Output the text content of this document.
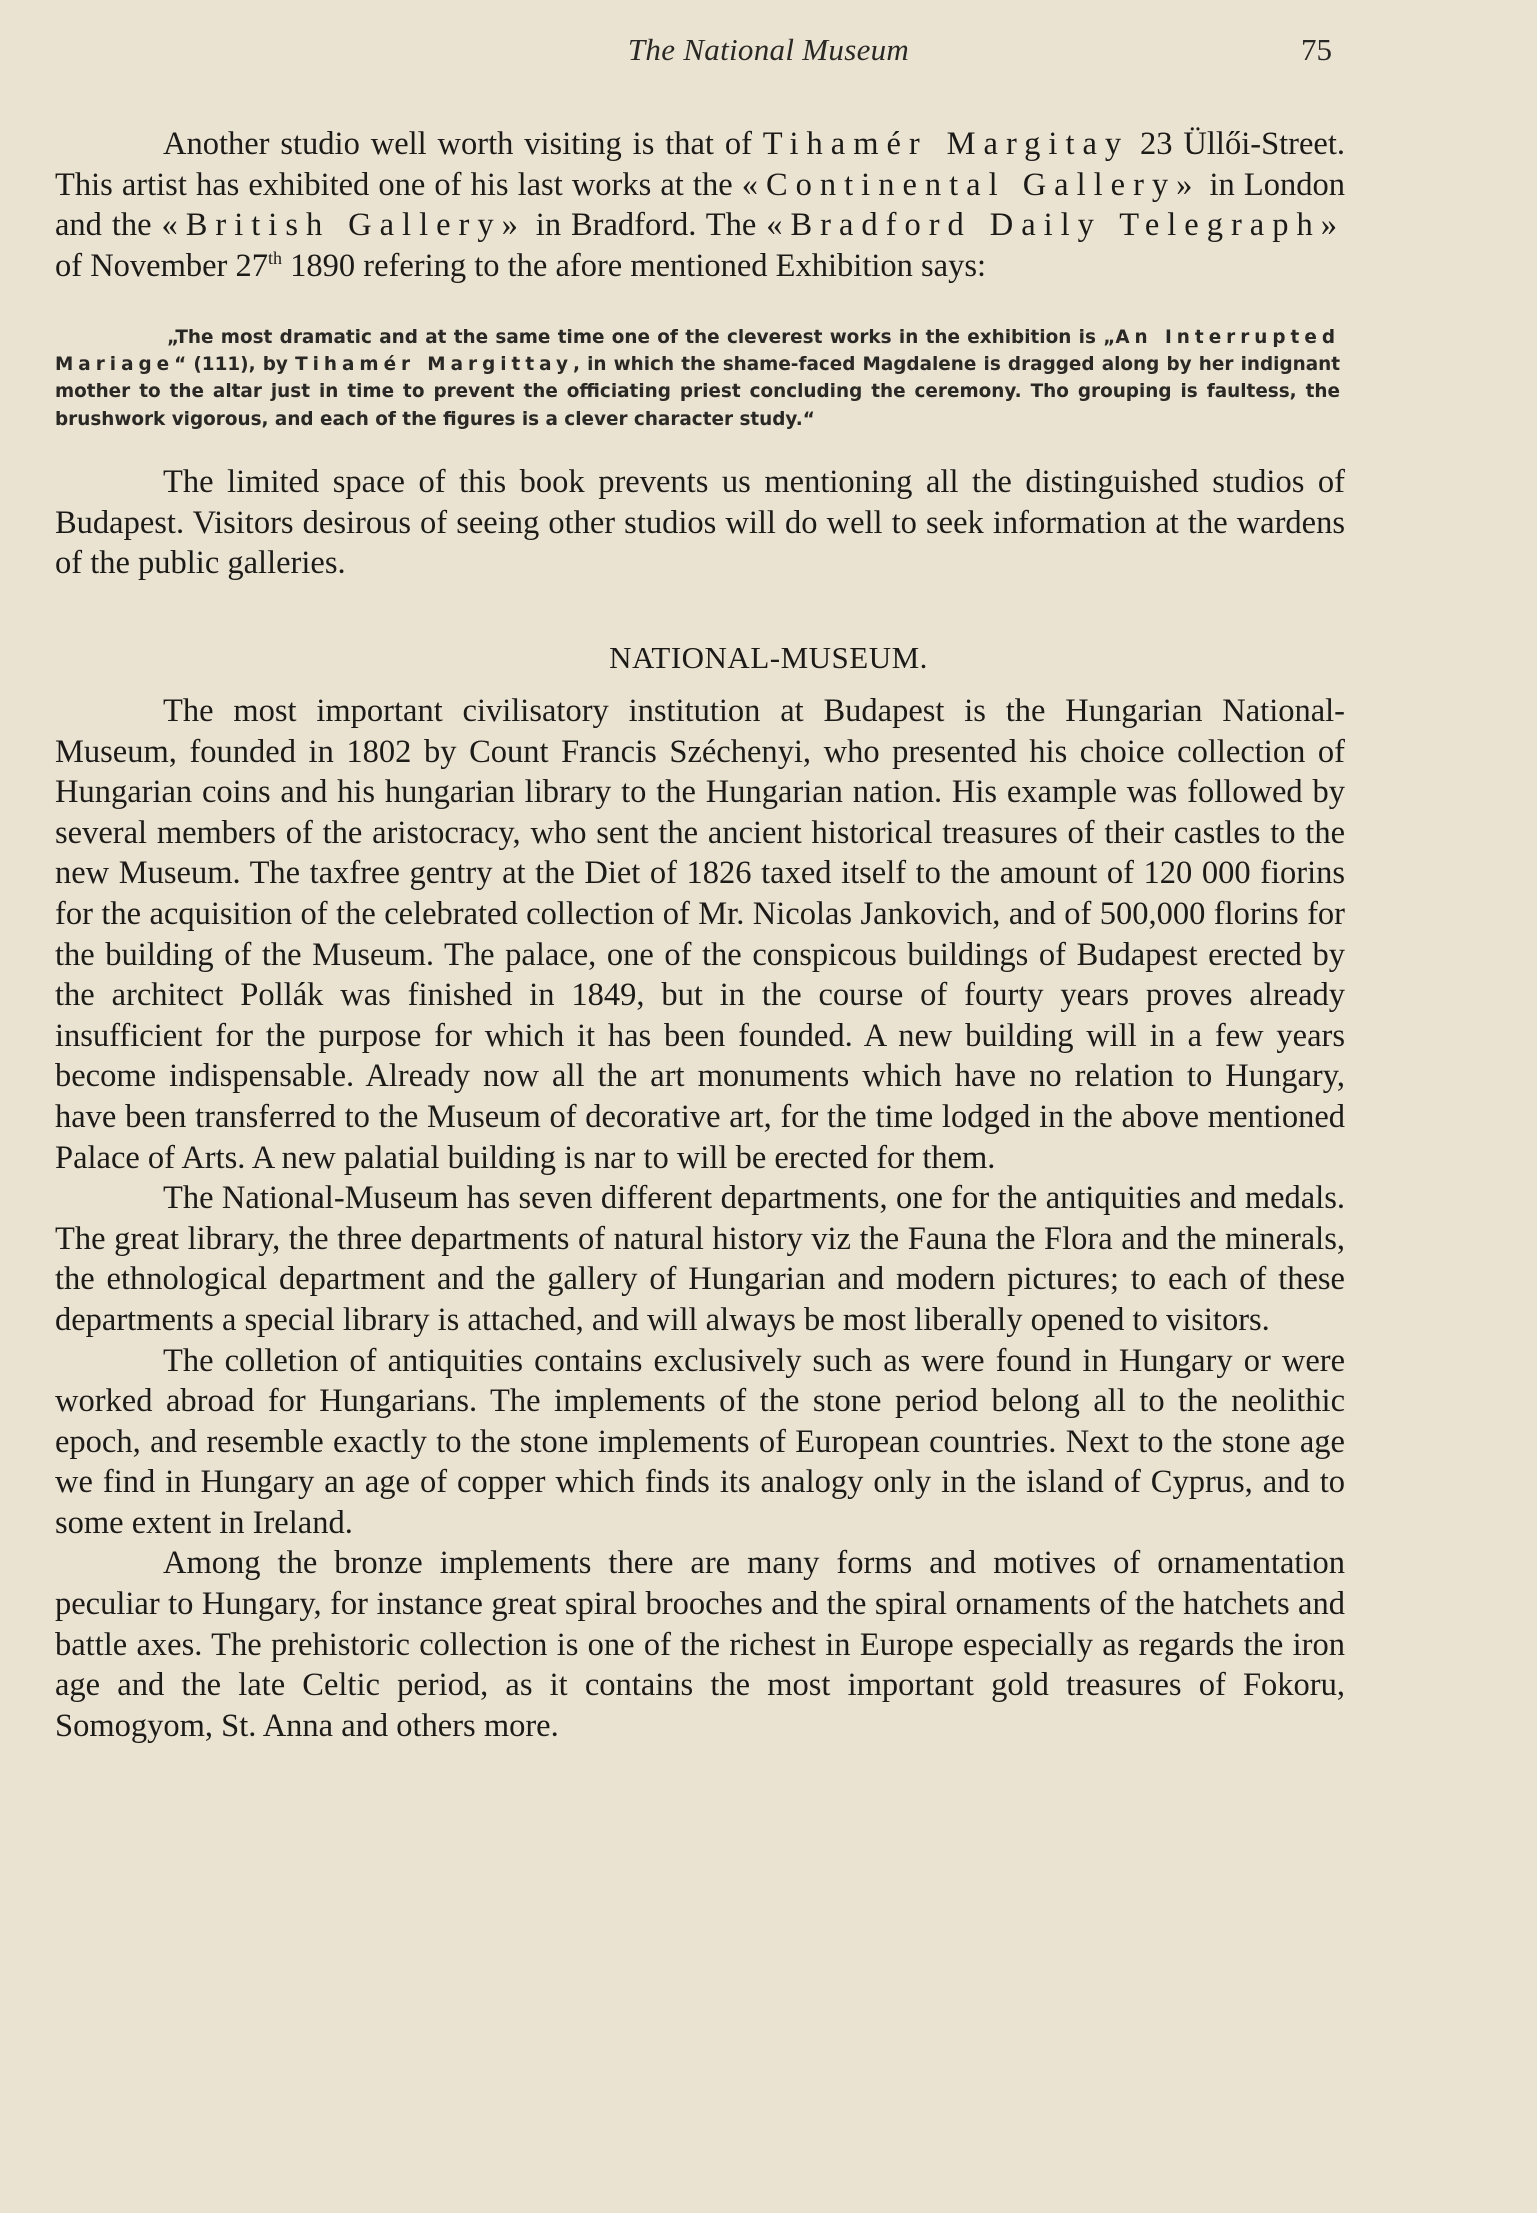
The National Museum	75

Another studio well worth visiting is that of Tihamér Margitay 23 Üllői-Street. This artist has exhibited one of his last works at the «Continental Gallery» in London and the «British Gallery» in Bradford. The «Bradford Daily Telegraph» of November 27th 1890 refering to the afore mentioned Exhibition says:

„The most dramatic and at the same time one of the cleverest works in the exhibition is „An Interrupted Mariage“ (111), by Tihamér Margittay, in which the shame-faced Magdalene is dragged along by her indignant mother to the altar just in time to prevent the officiating priest concluding the ceremony. Tho grouping is faultess, the brushwork vigorous, and each of the figures is a clever character study.“

The limited space of this book prevents us mentioning all the distinguished studios of Budapest. Visitors desirous of seeing other studios will do well to seek information at the wardens of the public galleries.

NATIONAL-MUSEUM.

The most important civilisatory institution at Budapest is the Hungarian National-Museum, founded in 1802 by Count Francis Széchenyi, who presented his choice collection of Hungarian coins and his hungarian library to the Hungarian nation. His example was followed by several members of the aristocracy, who sent the ancient historical treasures of their castles to the new Museum. The taxfree gentry at the Diet of 1826 taxed itself to the amount of 120 000 fiorins for the acquisition of the celebrated collection of Mr. Nicolas Jankovich, and of 500,000 florins for the building of the Museum. The palace, one of the conspicous buildings of Budapest erected by the architect Pollák was finished in 1849, but in the course of fourty years proves already insufficient for the purpose for which it has been founded. A new building will in a few years become indispensable. Already now all the art monuments which have no relation to Hungary, have been transferred to the Museum of decorative art, for the time lodged in the above mentioned Palace of Arts. A new palatial building is nar to will be erected for them.

The National-Museum has seven different departments, one for the antiquities and medals. The great library, the three departments of natural history viz the Fauna the Flora and the minerals, the ethnological department and the gallery of Hungarian and modern pictures; to each of these departments a special library is attached, and will always be most liberally opened to visitors.

The colletion of antiquities contains exclusively such as were found in Hungary or were worked abroad for Hungarians. The implements of the stone period belong all to the neolithic epoch, and resemble exactly to the stone implements of European countries. Next to the stone age we find in Hungary an age of copper which finds its analogy only in the island of Cyprus, and to some extent in Ireland.

Among the bronze implements there are many forms and motives of ornamentation peculiar to Hungary, for instance great spiral brooches and the spiral ornaments of the hatchets and battle axes. The prehistoric collection is one of the richest in Europe especially as regards the iron age and the late Celtic period, as it contains the most important gold treasures of Fokoru, Somogyom, St. Anna and others more.
